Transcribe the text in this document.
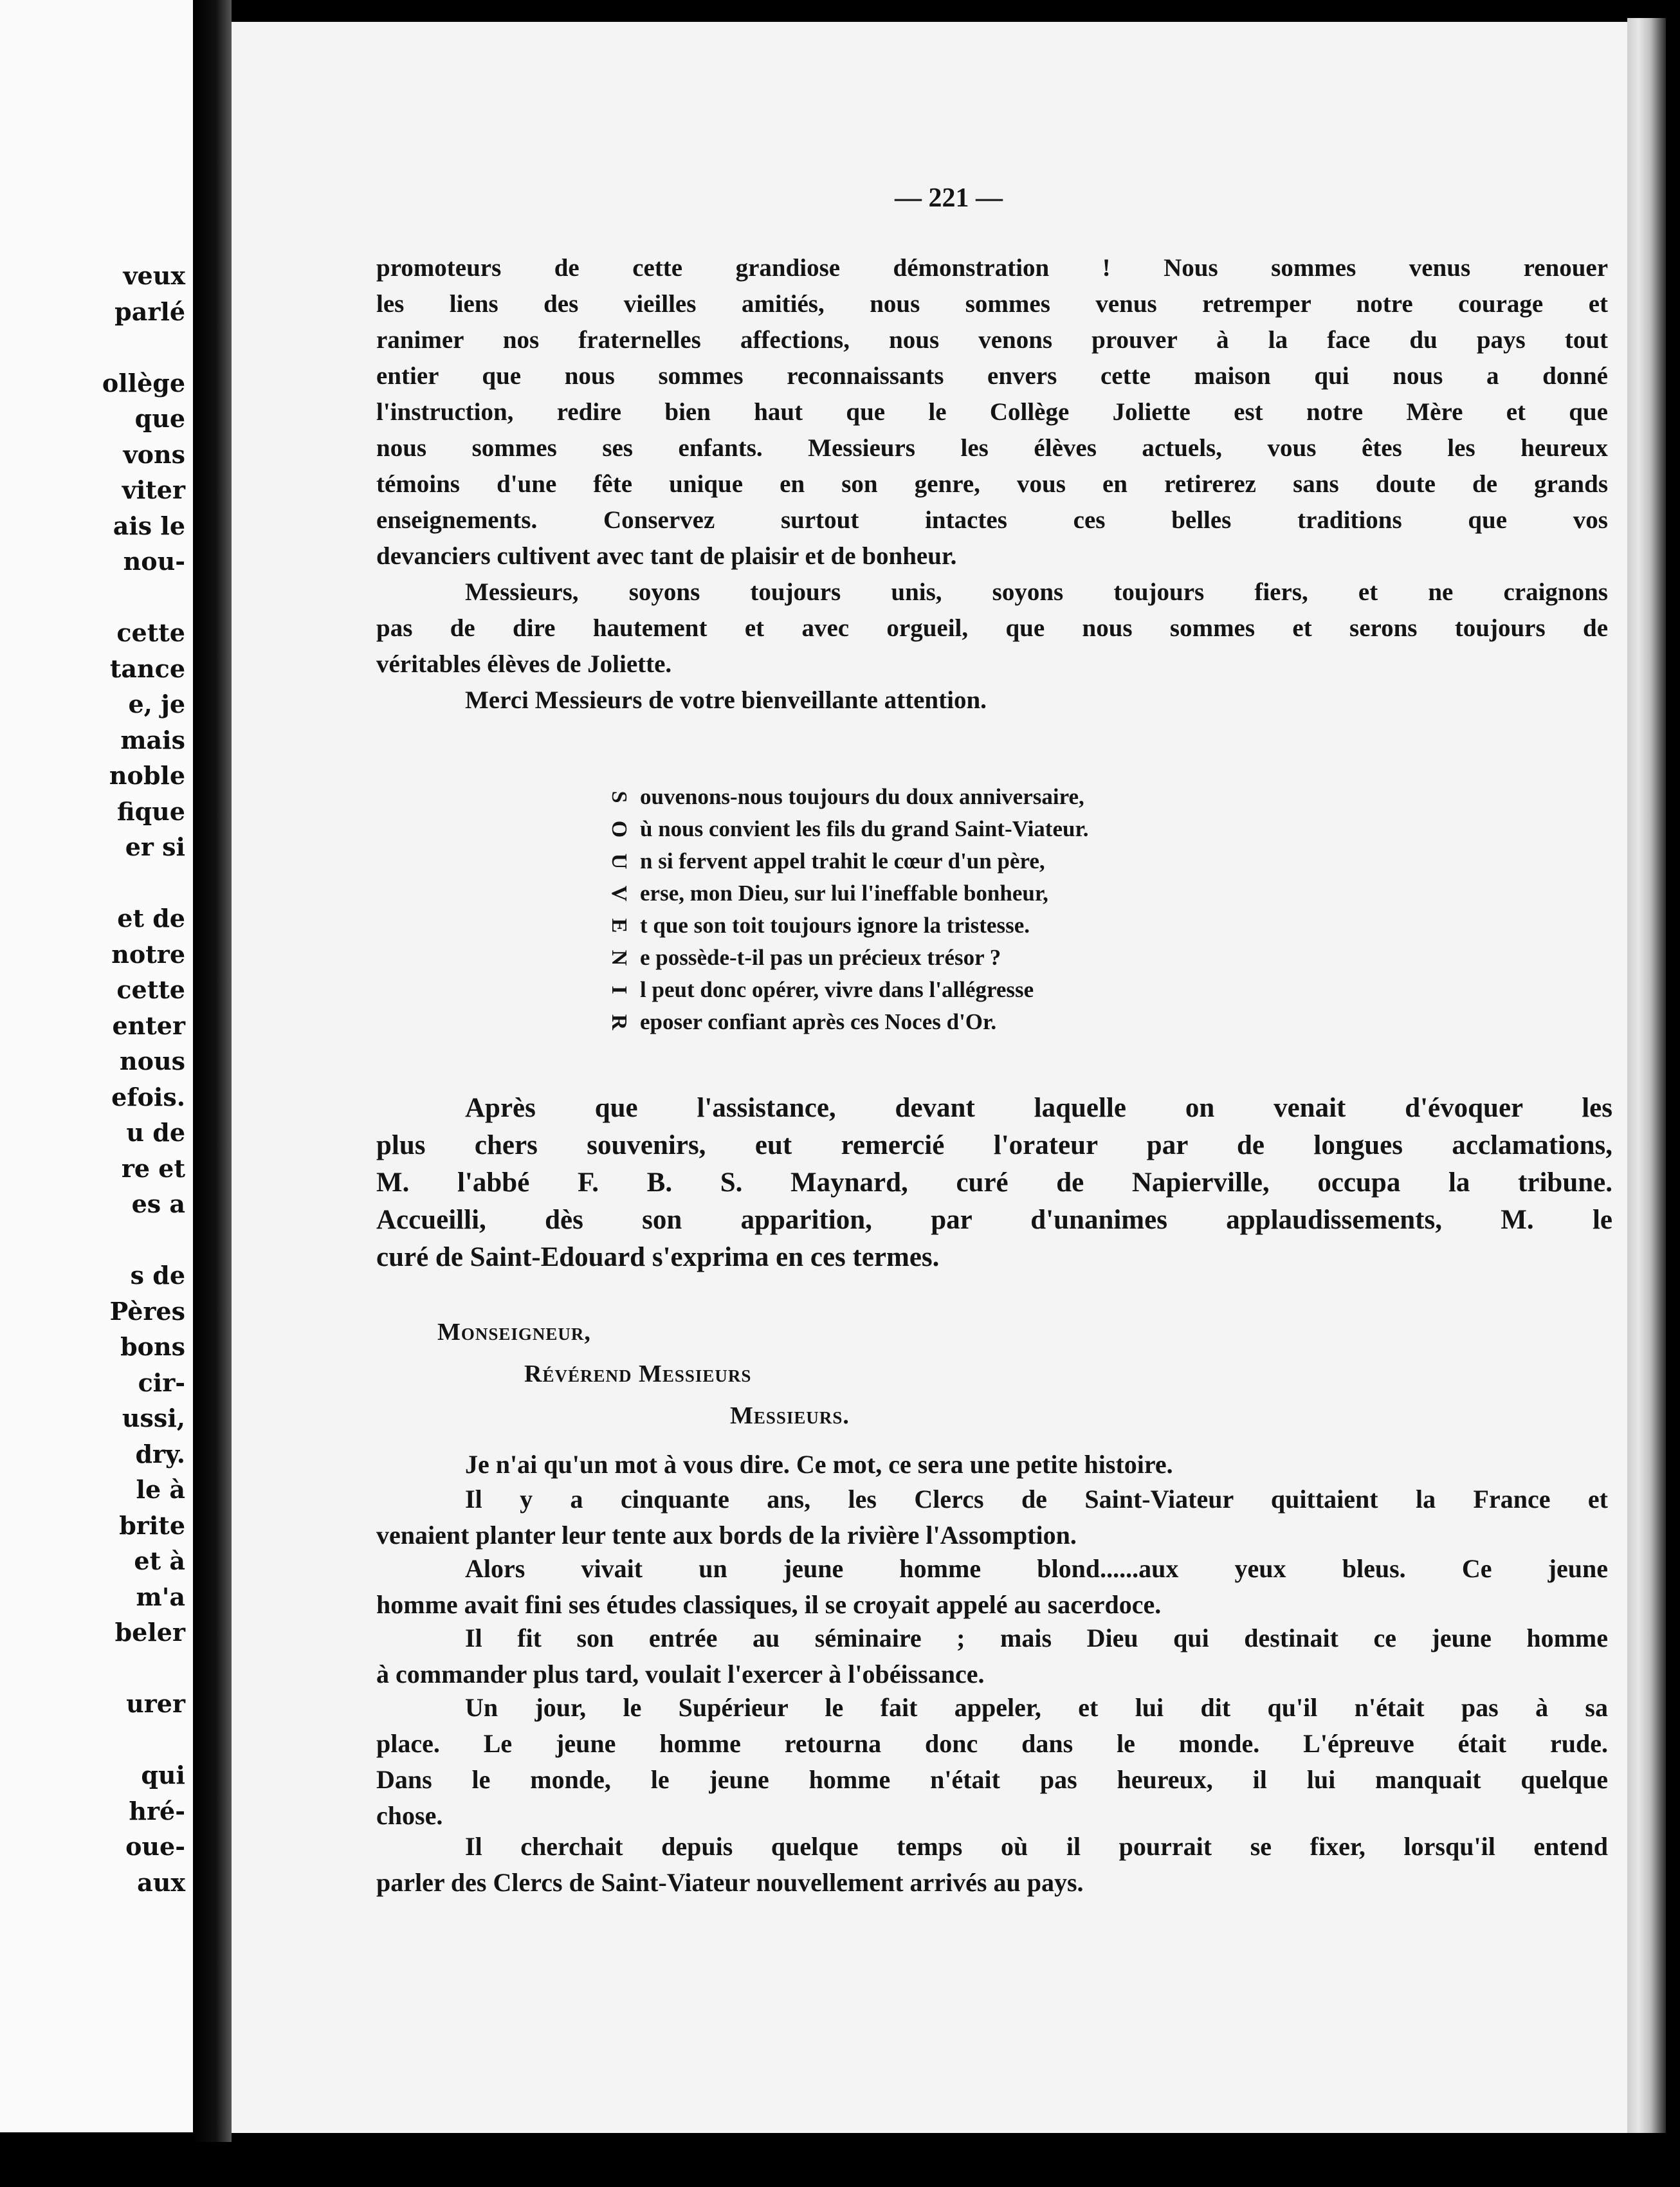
veux
parlé
ollège
que
vons
viter
ais le
nou-
cette
tance
e, je
mais
noble
fique
er si
et de
notre
cette
enter
nous
efois.
u de
re et
es a
s de
Pères
bons
cir-
ussi,
dry.
le à
brite
et à
m'a
beler
urer
qui
hré-
oue-
aux
— 221 —
promoteurs de cette grandiose démonstration ! Nous sommes venus renouer
les liens des vieilles amitiés, nous sommes venus retremper notre courage et
ranimer nos fraternelles affections, nous venons prouver à la face du pays tout
entier que nous sommes reconnaissants envers cette maison qui nous a donné
l'instruction, redire bien haut que le Collège Joliette est notre Mère et que
nous sommes ses enfants. Messieurs les élèves actuels, vous êtes les heureux
témoins d'une fête unique en son genre, vous en retirerez sans doute de grands
enseignements. Conservez surtout intactes ces belles traditions que vos
devanciers cultivent avec tant de plaisir et de bonheur.
Messieurs, soyons toujours unis, soyons toujours fiers, et ne craignons
pas de dire hautement et avec orgueil, que nous sommes et serons toujours de
véritables élèves de Joliette.
Merci Messieurs de votre bienveillante attention.
S ouvenons-nous toujours du doux anniversaire,
O ù nous convient les fils du grand Saint-Viateur.
U n si fervent appel trahit le cœur d'un père,
V erse, mon Dieu, sur lui l'ineffable bonheur,
E t que son toit toujours ignore la tristesse.
N e possède-t-il pas un précieux trésor ?
I l peut donc opérer, vivre dans l'allégresse
R eposer confiant après ces Noces d'Or.
Après que l'assistance, devant laquelle on venait d'évoquer les
plus chers souvenirs, eut remercié l'orateur par de longues acclamations,
M. l'abbé F. B. S. Maynard, curé de Napierville, occupa la tribune.
Accueilli, dès son apparition, par d'unanimes applaudissements, M. le
curé de Saint-Edouard s'exprima en ces termes.
Monseigneur,
Révérend Messieurs
Messieurs.
Je n'ai qu'un mot à vous dire. Ce mot, ce sera une petite histoire.
Il y a cinquante ans, les Clercs de Saint-Viateur quittaient la France et
venaient planter leur tente aux bords de la rivière l'Assomption.
Alors vivait un jeune homme blond......aux yeux bleus. Ce jeune
homme avait fini ses études classiques, il se croyait appelé au sacerdoce.
Il fit son entrée au séminaire ; mais Dieu qui destinait ce jeune homme
à commander plus tard, voulait l'exercer à l'obéissance.
Un jour, le Supérieur le fait appeler, et lui dit qu'il n'était pas à sa
place. Le jeune homme retourna donc dans le monde. L'épreuve était rude.
Dans le monde, le jeune homme n'était pas heureux, il lui manquait quelque
chose.
Il cherchait depuis quelque temps où il pourrait se fixer, lorsqu'il entend
parler des Clercs de Saint-Viateur nouvellement arrivés au pays.
